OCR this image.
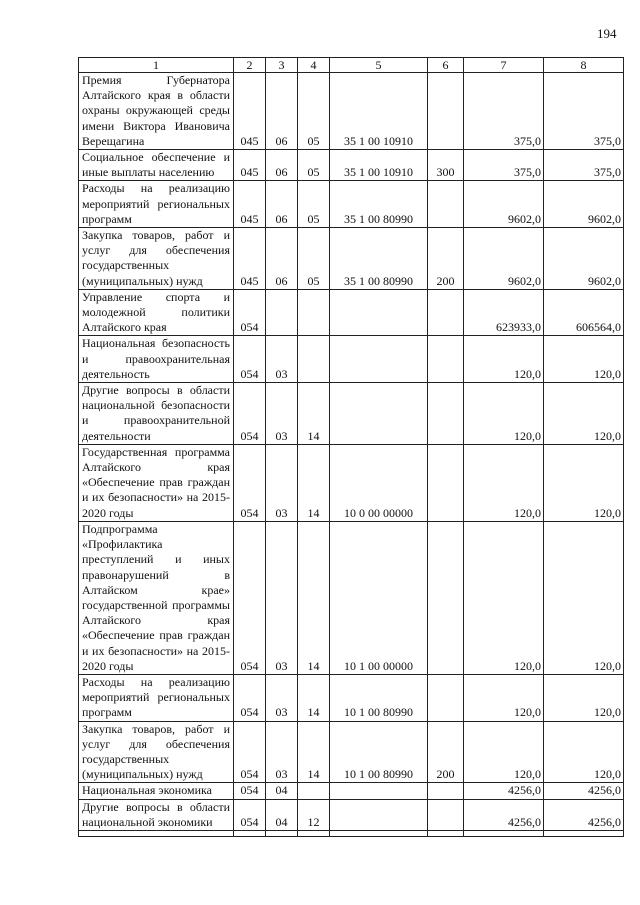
194
1	2	3	4	5	6	7	8
Премия Губернатора Алтайского края в области охраны окружающей среды имени Виктора Ивановича Верещагина	045	06	05	35 1 00 10910		375,0	375,0
Социальное обеспечение и иные выплаты населению	045	06	05	35 1 00 10910	300	375,0	375,0
Расходы на реализацию мероприятий региональных программ	045	06	05	35 1 00 80990		9602,0	9602,0
Закупка товаров, работ и услуг для обеспечения государственных (муниципальных) нужд	045	06	05	35 1 00 80990	200	9602,0	9602,0
Управление спорта и молодежной политики Алтайского края	054					623933,0	606564,0
Национальная безопасность и правоохранительная деятельность	054	03				120,0	120,0
Другие вопросы в области национальной безопасности и правоохранительной деятельности	054	03	14			120,0	120,0
Государственная программа Алтайского края «Обеспечение прав граждан и их безопасности» на 2015-2020 годы	054	03	14	10 0 00 00000		120,0	120,0
Подпрограмма «Профилактика преступлений и иных правонарушений в Алтайском крае» государственной программы Алтайского края «Обеспечение прав граждан и их безопасности» на 2015-2020 годы	054	03	14	10 1 00 00000		120,0	120,0
Расходы на реализацию мероприятий региональных программ	054	03	14	10 1 00 80990		120,0	120,0
Закупка товаров, работ и услуг для обеспечения государственных (муниципальных) нужд	054	03	14	10 1 00 80990	200	120,0	120,0
Национальная экономика	054	04				4256,0	4256,0
Другие вопросы в области национальной экономики	054	04	12			4256,0	4256,0
